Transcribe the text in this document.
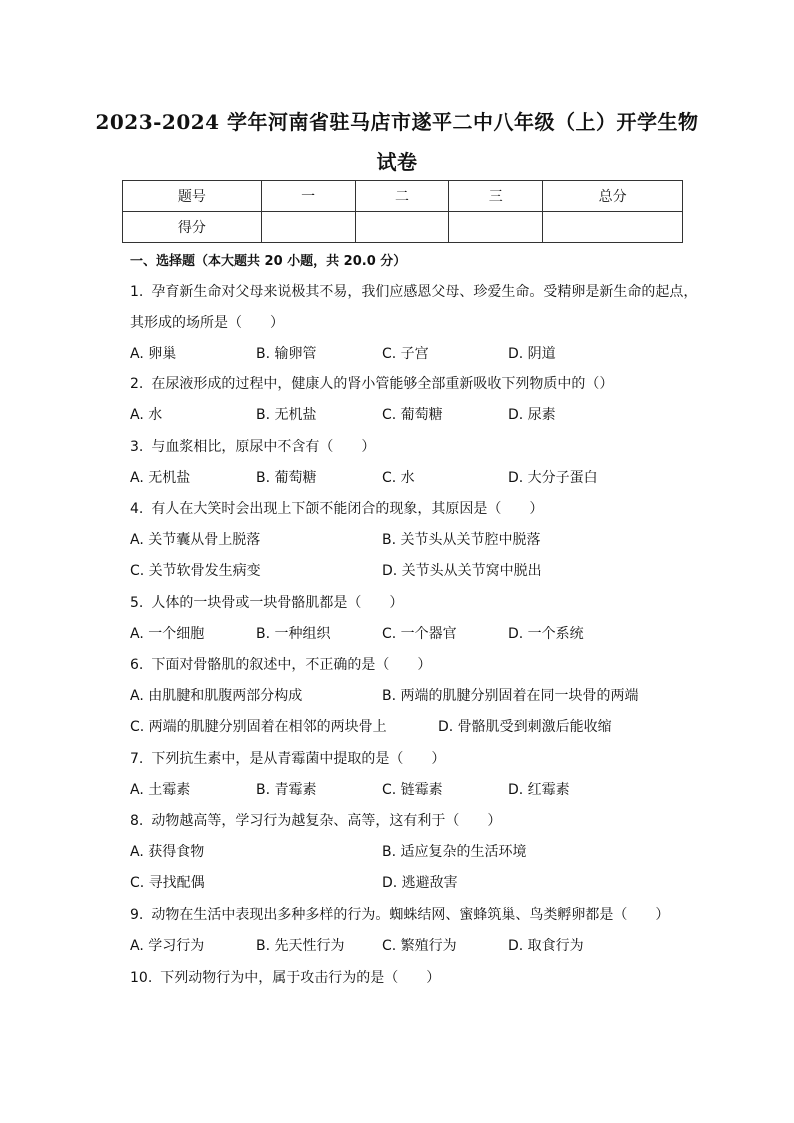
2023-2024 学年河南省驻马店市遂平二中八年级（上）开学生物
试卷
题号	一	二	三	总分
得分				
一、选择题（本大题共 20 小题，共 20.0 分）
1. 孕育新生命对父母来说极其不易，我们应感恩父母、珍爱生命。受精卵是新生命的起点，
其形成的场所是（　　）
A. 卵巢	B. 输卵管	C. 子宫	D. 阴道
2. 在尿液形成的过程中，健康人的肾小管能够全部重新吸收下列物质中的（）
A. 水	B. 无机盐	C. 葡萄糖	D. 尿素
3. 与血浆相比，原尿中不含有（　　）
A. 无机盐	B. 葡萄糖	C. 水	D. 大分子蛋白
4. 有人在大笑时会出现上下颌不能闭合的现象，其原因是（　　）
A. 关节囊从骨上脱落	B. 关节头从关节腔中脱落
C. 关节软骨发生病变	D. 关节头从关节窝中脱出
5. 人体的一块骨或一块骨骼肌都是（　　）
A. 一个细胞	B. 一种组织	C. 一个器官	D. 一个系统
6. 下面对骨骼肌的叙述中，不正确的是（　　）
A. 由肌腱和肌腹两部分构成	B. 两端的肌腱分别固着在同一块骨的两端
C. 两端的肌腱分别固着在相邻的两块骨上	D. 骨骼肌受到刺激后能收缩
7. 下列抗生素中，是从青霉菌中提取的是（　　）
A. 土霉素	B. 青霉素	C. 链霉素	D. 红霉素
8. 动物越高等，学习行为越复杂、高等，这有利于（　　）
A. 获得食物	B. 适应复杂的生活环境
C. 寻找配偶	D. 逃避敌害
9. 动物在生活中表现出多种多样的行为。蜘蛛结网、蜜蜂筑巢、鸟类孵卵都是（　　）
A. 学习行为	B. 先天性行为	C. 繁殖行为	D. 取食行为
10. 下列动物行为中，属于攻击行为的是（　　）
